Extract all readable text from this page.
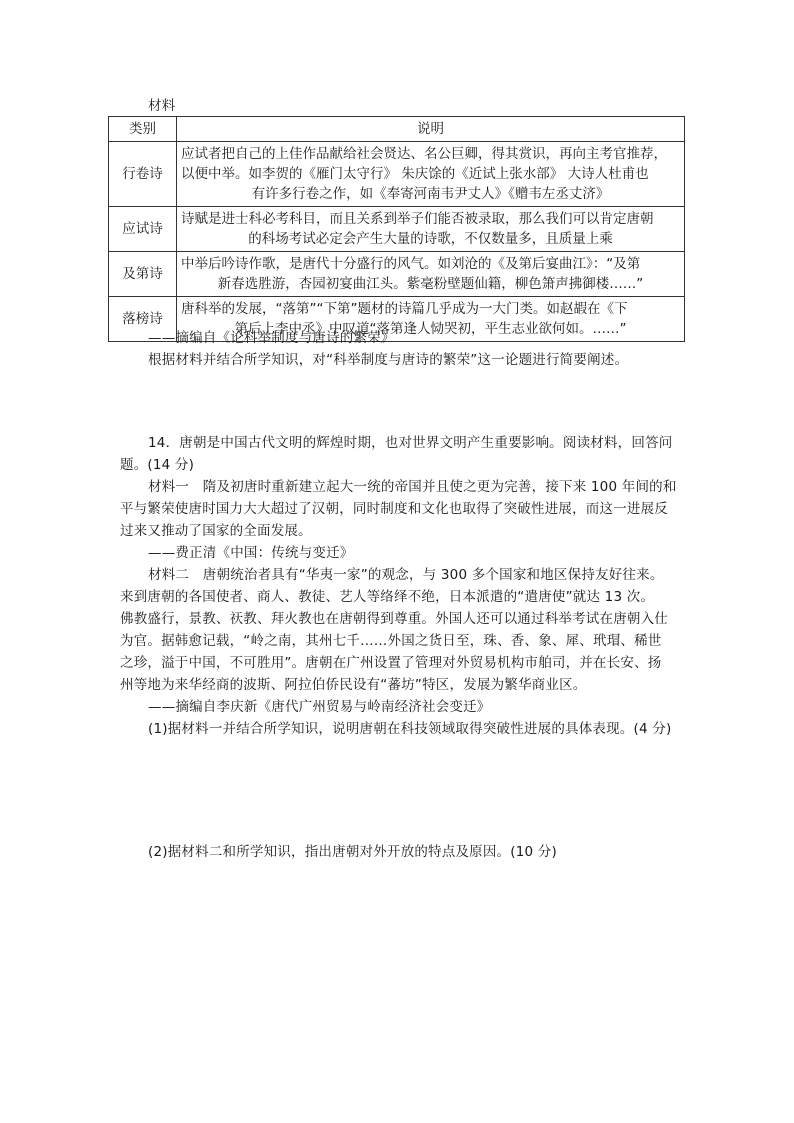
材料
类别	说明
行卷诗	应试者把自己的上佳作品献给社会贤达、名公巨卿，得其赏识，再向主考官推荐，
以便中举。如李贺的《雁门太守行》 朱庆馀的《近试上张水部》 大诗人杜甫也
有许多行卷之作，如《奉寄河南韦尹丈人》《赠韦左丞丈济》

应试诗	诗赋是进士科必考科目，而且关系到举子们能否被录取，那么我们可以肯定唐朝
的科场考试必定会产生大量的诗歌，不仅数量多，且质量上乘

及第诗	中举后吟诗作歌，是唐代十分盛行的风气。如刘沧的《及第后宴曲江》：“及第
新春选胜游，杏园初宴曲江头。紫毫粉壁题仙籍，柳色箫声拂御楼……”

落榜诗	唐科举的发展，“落第”“下第”题材的诗篇几乎成为一大门类。如赵嘏在《下
第后上李中丞》中叹道“落第逢人恸哭初，平生志业欲何如。……”
——摘编自《论科举制度与唐诗的繁荣》
根据材料并结合所学知识，对“科举制度与唐诗的繁荣”这一论题进行简要阐述。
14．唐朝是中国古代文明的辉煌时期，也对世界文明产生重要影响。阅读材料，回答问
题。(14 分)
材料一　隋及初唐时重新建立起大一统的帝国并且使之更为完善，接下来 100 年间的和
平与繁荣使唐时国力大大超过了汉朝，同时制度和文化也取得了突破性进展，而这一进展反
过来又推动了国家的全面发展。
——费正清《中国：传统与变迁》
材料二　唐朝统治者具有“华夷一家”的观念，与 300 多个国家和地区保持友好往来。
来到唐朝的各国使者、商人、教徒、艺人等络绎不绝，日本派遣的“遣唐使”就达 13 次。
佛教盛行，景教、祆教、拜火教也在唐朝得到尊重。外国人还可以通过科举考试在唐朝入仕
为官。据韩愈记载，“岭之南，其州七千……外国之货日至，珠、香、象、犀、玳瑁、稀世
之珍，溢于中国，不可胜用”。唐朝在广州设置了管理对外贸易机构市舶司，并在长安、扬
州等地为来华经商的波斯、阿拉伯侨民设有“蕃坊”特区，发展为繁华商业区。
——摘编自李庆新《唐代广州贸易与岭南经济社会变迁》
(1)据材料一并结合所学知识，说明唐朝在科技领域取得突破性进展的具体表现。(4 分)
(2)据材料二和所学知识，指出唐朝对外开放的特点及原因。(10 分)
